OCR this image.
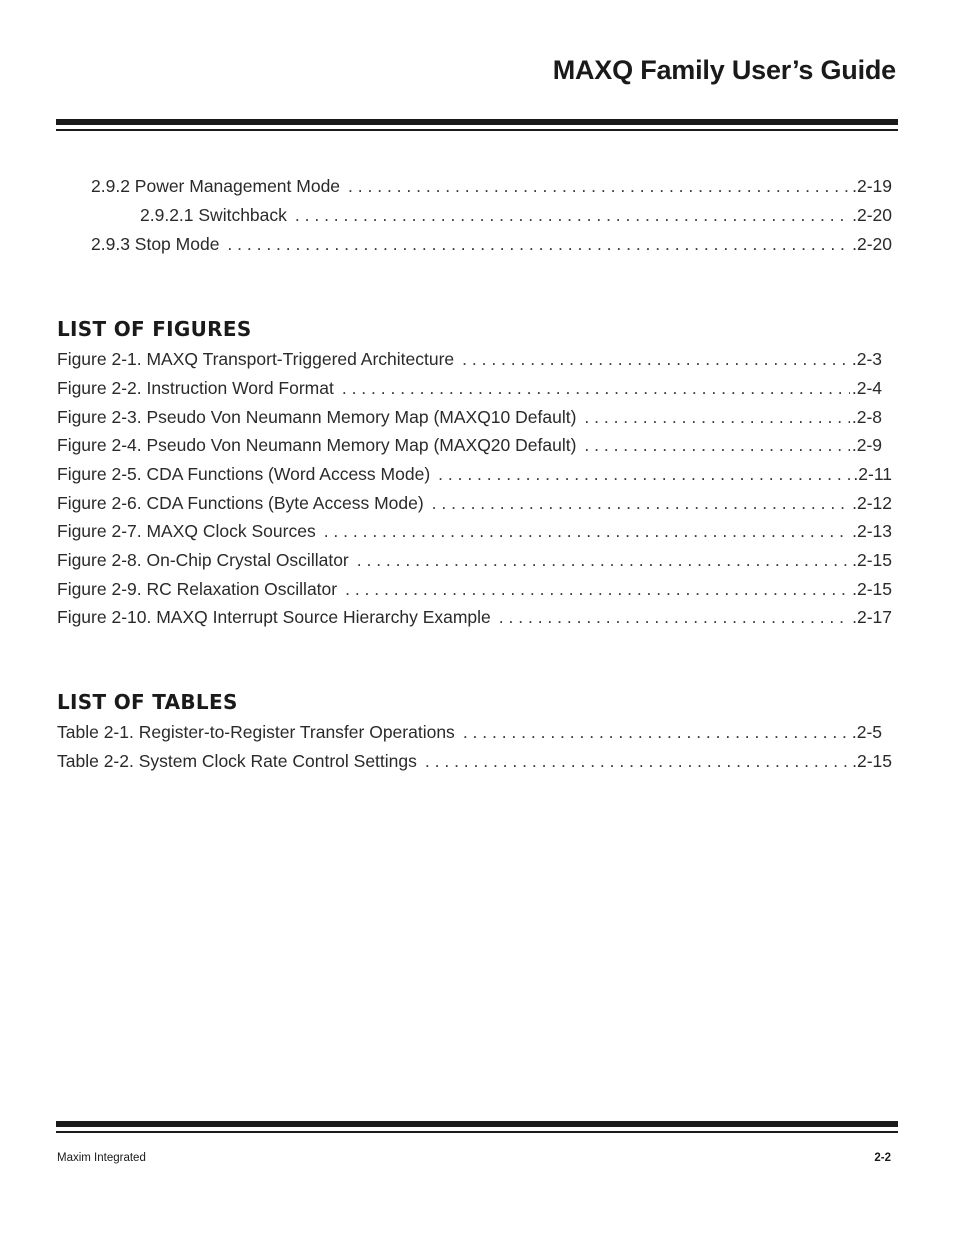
MAXQ Family User’s Guide
2.9.2 Power Management Mode . . .	.2-19
2.9.2.1 Switchback . . .	.2-20
2.9.3 Stop Mode . . .	.2-20
LIST OF FIGURES
Figure 2-1. MAXQ Transport-Triggered Architecture . . .	.2-3
Figure 2-2. Instruction Word Format . . .	.2-4
Figure 2-3. Pseudo Von Neumann Memory Map (MAXQ10 Default) . . .	.2-8
Figure 2-4. Pseudo Von Neumann Memory Map (MAXQ20 Default) . . .	.2-9
Figure 2-5. CDA Functions (Word Access Mode) . . .	.2-11
Figure 2-6. CDA Functions (Byte Access Mode) . . .	.2-12
Figure 2-7. MAXQ Clock Sources . . .	.2-13
Figure 2-8. On-Chip Crystal Oscillator . . .	.2-15
Figure 2-9. RC Relaxation Oscillator . . .	.2-15
Figure 2-10. MAXQ Interrupt Source Hierarchy Example . . .	.2-17
LIST OF TABLES
Table 2-1. Register-to-Register Transfer Operations . . .	.2-5
Table 2-2. System Clock Rate Control Settings . . .	.2-15
Maxim Integrated	2-2
